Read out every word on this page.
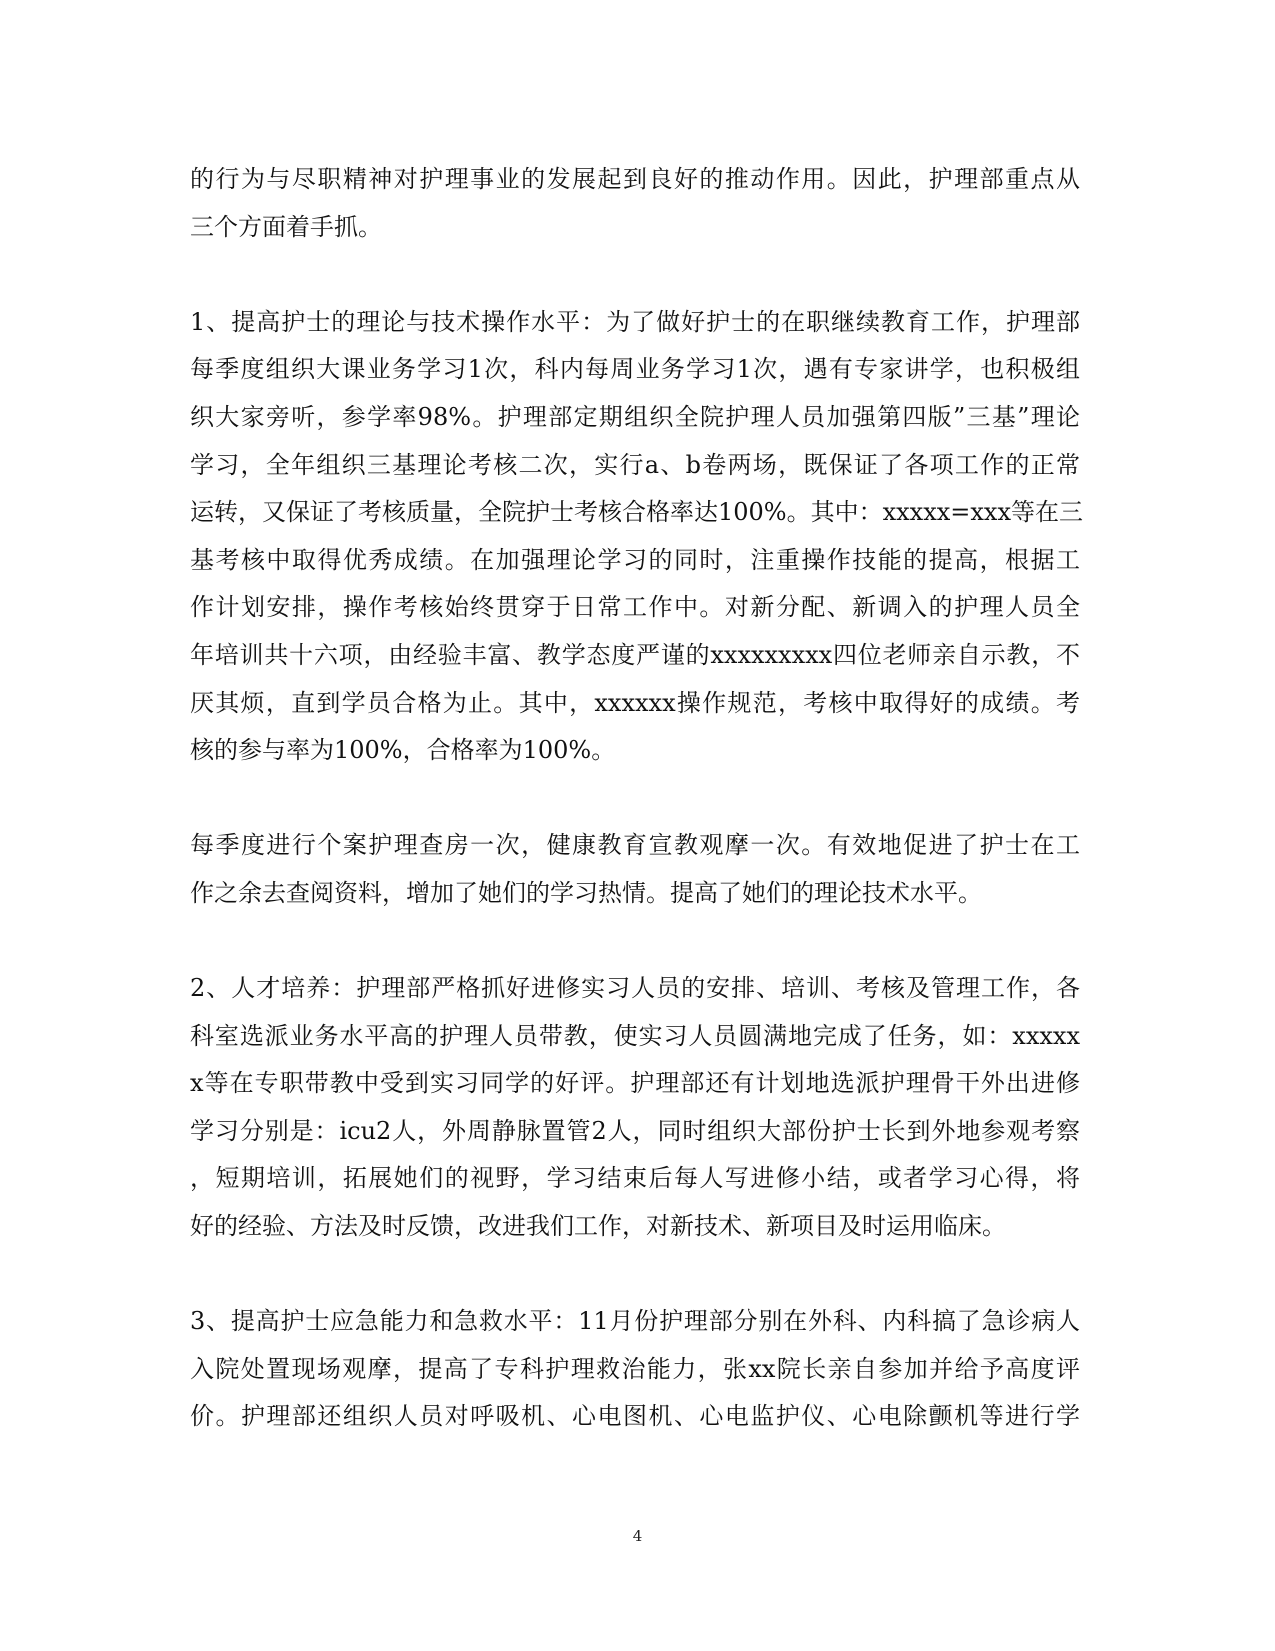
的行为与尽职精神对护理事业的发展起到良好的推动作用。因此，护理部重点从
三个方面着手抓。
1、提高护士的理论与技术操作水平：为了做好护士的在职继续教育工作，护理部
每季度组织大课业务学习1次，科内每周业务学习1次，遇有专家讲学，也积极组
织大家旁听，参学率98%。护理部定期组织全院护理人员加强第四版”三基”理论
学习，全年组织三基理论考核二次，实行a、b卷两场，既保证了各项工作的正常
运转，又保证了考核质量，全院护士考核合格率达100%。其中：xxxxx=xxx等在三
基考核中取得优秀成绩。在加强理论学习的同时，注重操作技能的提高，根据工
作计划安排，操作考核始终贯穿于日常工作中。对新分配、新调入的护理人员全
年培训共十六项，由经验丰富、教学态度严谨的xxxxxxxxx四位老师亲自示教，不
厌其烦，直到学员合格为止。其中，xxxxxx操作规范，考核中取得好的成绩。考
核的参与率为100%，合格率为100%。
每季度进行个案护理查房一次，健康教育宣教观摩一次。有效地促进了护士在工
作之余去查阅资料，增加了她们的学习热情。提高了她们的理论技术水平。
2、人才培养：护理部严格抓好进修实习人员的安排、培训、考核及管理工作，各
科室选派业务水平高的护理人员带教，使实习人员圆满地完成了任务，如：xxxxx
x等在专职带教中受到实习同学的好评。护理部还有计划地选派护理骨干外出进修
学习分别是：icu2人，外周静脉置管2人，同时组织大部份护士长到外地参观考察
，短期培训，拓展她们的视野，学习结束后每人写进修小结，或者学习心得，将
好的经验、方法及时反馈，改进我们工作，对新技术、新项目及时运用临床。
3、提高护士应急能力和急救水平：11月份护理部分别在外科、内科搞了急诊病人
入院处置现场观摩，提高了专科护理救治能力，张xx院长亲自参加并给予高度评
价。护理部还组织人员对呼吸机、心电图机、心电监护仪、心电除颤机等进行学
4
